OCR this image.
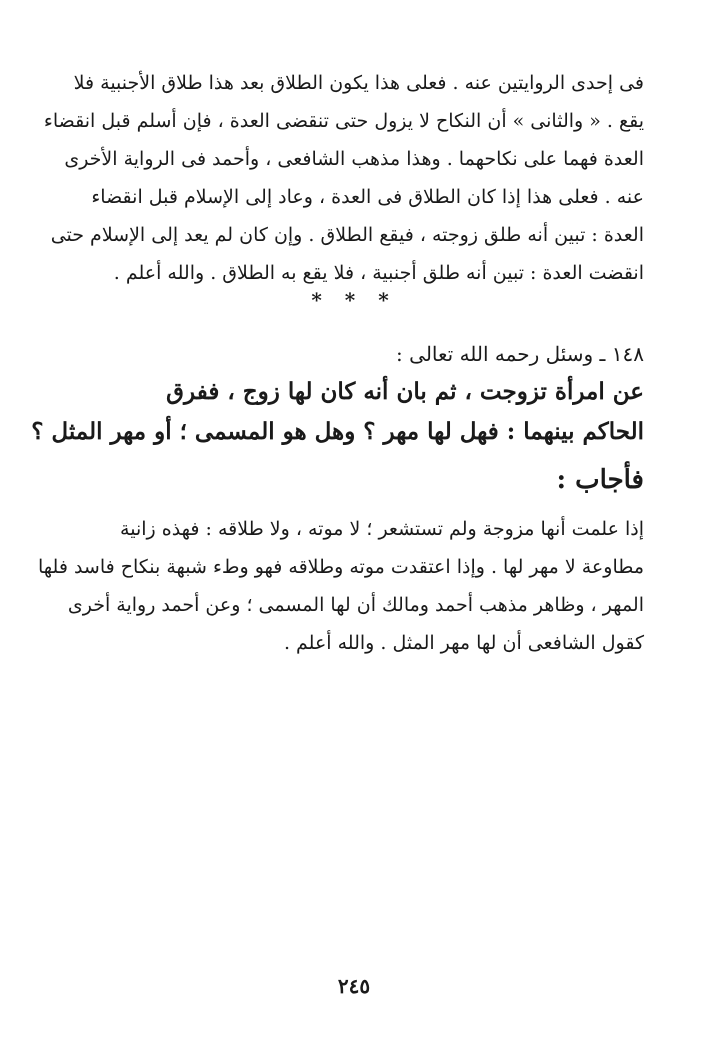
فى إحدى الروايتين عنه . فعلى هذا يكون الطلاق بعد هذا طلاق الأجنبية فلا
يقع . « والثانى » أن النكاح لا يزول حتى تنقضى العدة ، فإن أسلم قبل انقضاء
العدة فهما على نكاحهما . وهذا مذهب الشافعى ، وأحمد فى الرواية الأخرى
عنه . فعلى هذا إذا كان الطلاق فى العدة ، وعاد إلى الإسلام قبل انقضاء
العدة : تبين أنه طلق زوجته ، فيقع الطلاق . وإن كان لم يعد إلى الإسلام حتى
انقضت العدة : تبين أنه طلق أجنبية ، فلا يقع به الطلاق . والله أعلم .
* * *
١٤٨ ـ وسئل رحمه الله تعالى :
عن امرأة تزوجت ، ثم بان أنه كان لها زوج ، ففرق
الحاكم بينهما : فهل لها مهر ؟ وهل هو المسمى ؛ أو مهر المثل ؟
فأجاب :
إذا علمت أنها مزوجة ولم تستشعر ؛ لا موته ، ولا طلاقه : فهذه زانية
مطاوعة لا مهر لها . وإذا اعتقدت موته وطلاقه فهو وطء شبهة بنكاح فاسد فلها
المهر ، وظاهر مذهب أحمد ومالك أن لها المسمى ؛ وعن أحمد رواية أخرى
كقول الشافعى أن لها مهر المثل . والله أعلم .
٢٤٥
